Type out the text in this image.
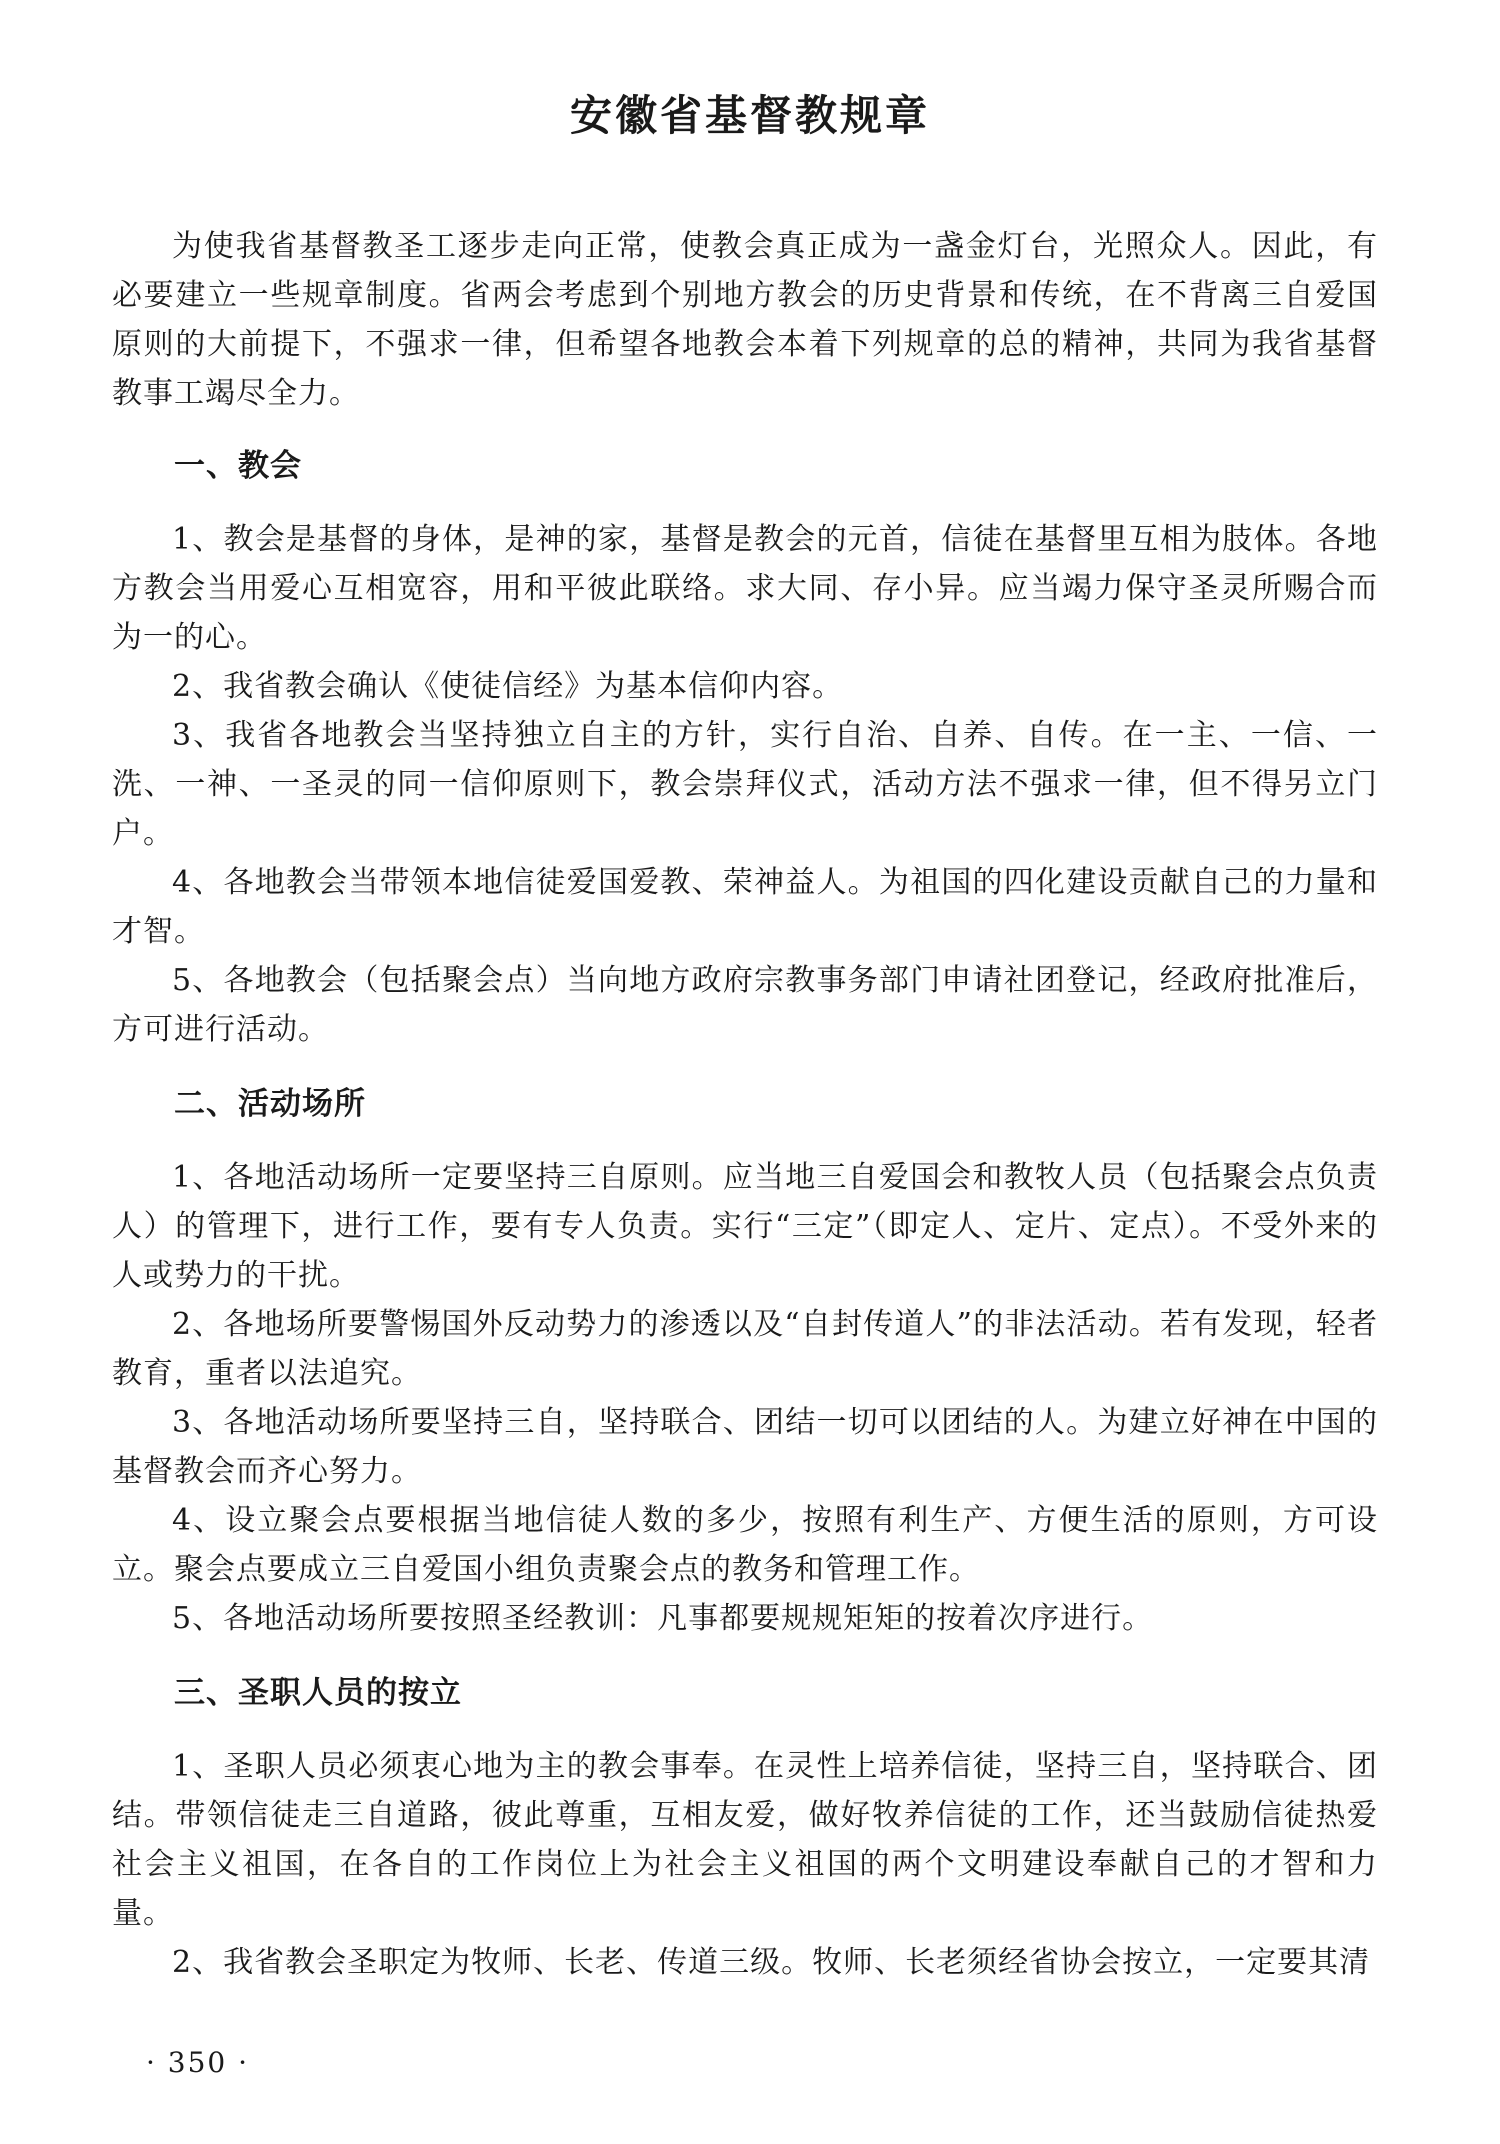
安徽省基督教规章

为使我省基督教圣工逐步走向正常，使教会真正成为一盏金灯台，光照众人。因此，有必要建立一些规章制度。省两会考虑到个别地方教会的历史背景和传统，在不背离三自爱国原则的大前提下，不强求一律，但希望各地教会本着下列规章的总的精神，共同为我省基督教事工竭尽全力。

一、教会

1、教会是基督的身体，是神的家，基督是教会的元首，信徒在基督里互相为肢体。各地方教会当用爱心互相宽容，用和平彼此联络。求大同、存小异。应当竭力保守圣灵所赐合而为一的心。

2、我省教会确认《使徒信经》为基本信仰内容。

3、我省各地教会当坚持独立自主的方针，实行自治、自养、自传。在一主、一信、一洗、一神、一圣灵的同一信仰原则下，教会崇拜仪式，活动方法不强求一律，但不得另立门户。

4、各地教会当带领本地信徒爱国爱教、荣神益人。为祖国的四化建设贡献自己的力量和才智。

5、各地教会（包括聚会点）当向地方政府宗教事务部门申请社团登记，经政府批准后，方可进行活动。

二、活动场所

1、各地活动场所一定要坚持三自原则。应当地三自爱国会和教牧人员（包括聚会点负责人）的管理下，进行工作，要有专人负责。实行“三定”（即定人、定片、定点）。不受外来的人或势力的干扰。

2、各地场所要警惕国外反动势力的渗透以及“自封传道人”的非法活动。若有发现，轻者教育，重者以法追究。

3、各地活动场所要坚持三自，坚持联合、团结一切可以团结的人。为建立好神在中国的基督教会而齐心努力。

4、设立聚会点要根据当地信徒人数的多少，按照有利生产、方便生活的原则，方可设立。聚会点要成立三自爱国小组负责聚会点的教务和管理工作。

5、各地活动场所要按照圣经教训：凡事都要规规矩矩的按着次序进行。

三、圣职人员的按立

1、圣职人员必须衷心地为主的教会事奉。在灵性上培养信徒，坚持三自，坚持联合、团结。带领信徒走三自道路，彼此尊重，互相友爱，做好牧养信徒的工作，还当鼓励信徒热爱社会主义祖国，在各自的工作岗位上为社会主义祖国的两个文明建设奉献自己的才智和力量。

2、我省教会圣职定为牧师、长老、传道三级。牧师、长老须经省协会按立，一定要其清

· 350 ·
